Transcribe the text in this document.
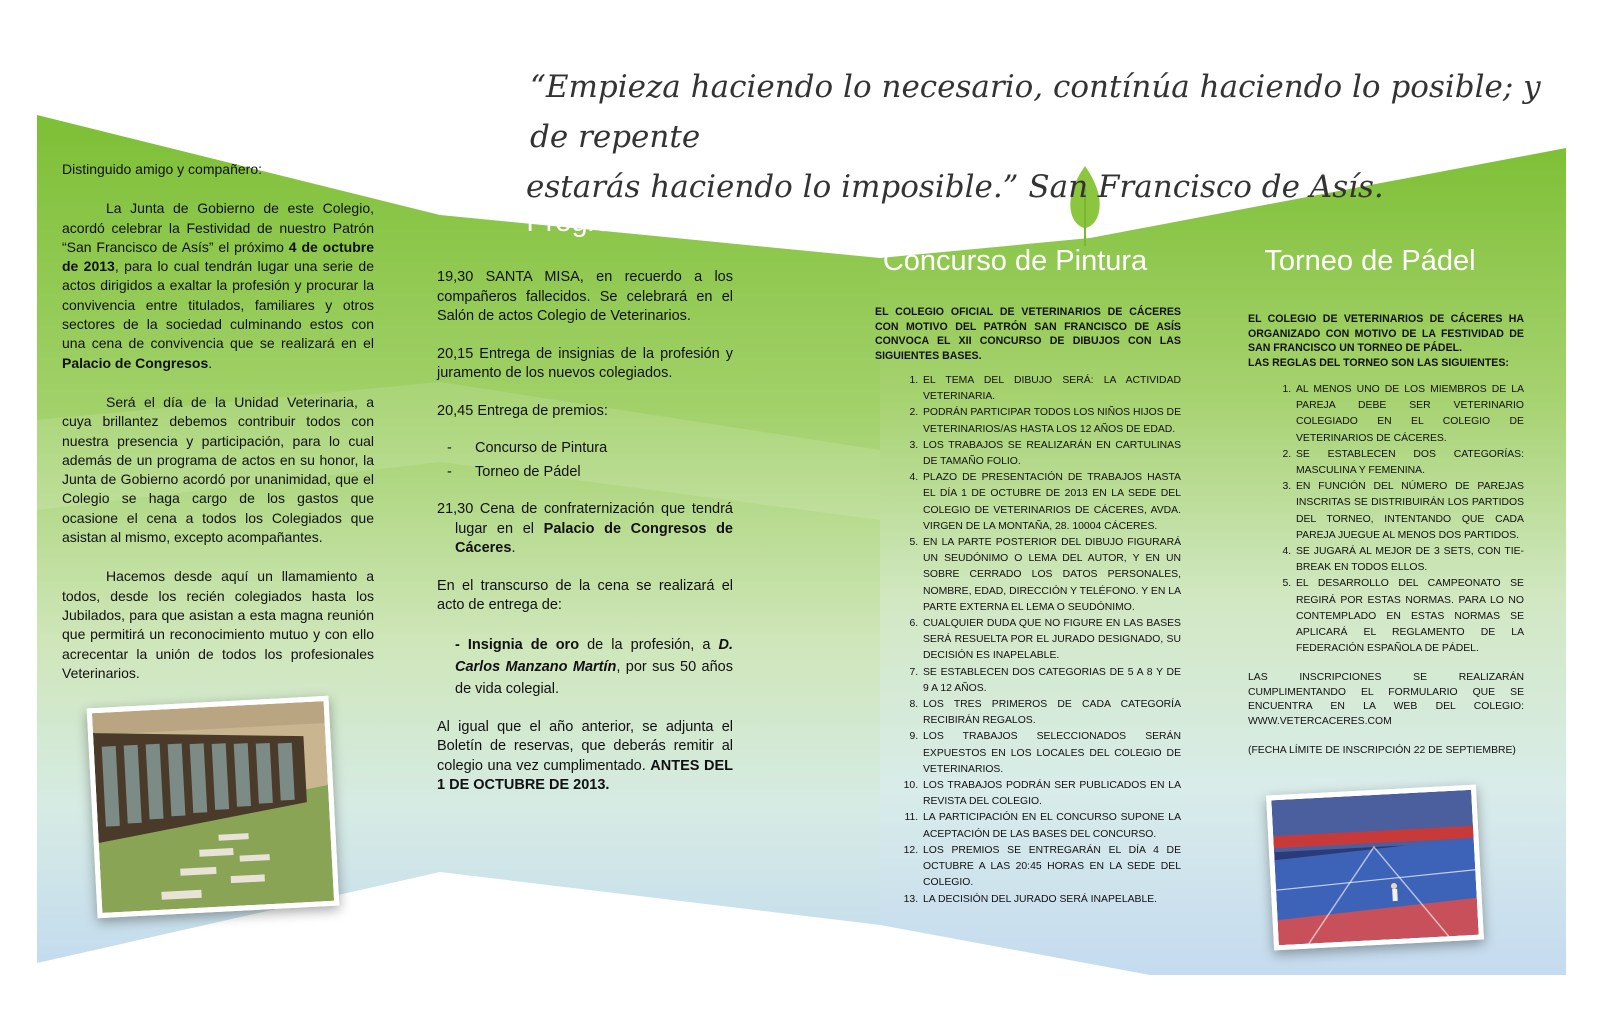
“Empieza haciendo lo necesario, contínúa haciendo lo posible; y de repente
estarás haciendo lo imposible.” San Francisco de Asís.

Distinguido amigo y compañero:

La Junta de Gobierno de este Colegio, acordó celebrar la Festividad de nuestro Patrón “San Francisco de Asís” el próximo 4 de octubre de 2013, para lo cual tendrán lugar una serie de actos dirigidos a exaltar la profesión y procurar la convivencia entre titulados, familiares y otros sectores de la sociedad culminando estos con una cena de convivencia que se realizará en el Palacio de Congresos.

Será el día de la Unidad Veterinaria, a cuya brillantez debemos contribuir todos con nuestra presencia y participación, para lo cual además de un programa de actos en su honor, la Junta de Gobierno acordó por unanimidad, que el Colegio se haga cargo de los gastos que ocasione el cena a todos los Colegiados que asistan al mismo, excepto acompañantes.

Hacemos desde aquí un llamamiento a todos, desde los recién colegiados hasta los Jubilados, para que asistan a esta magna reunión que permitirá un reconocimiento mutuo y con ello acrecentar la unión de todos los profesionales Veterinarios.

Programa

19,30 SANTA MISA, en recuerdo a los compañeros fallecidos. Se celebrará en el Salón de actos Colegio de Veterinarios.

20,15 Entrega de insignias de la profesión y juramento de los nuevos colegiados.

20,45 Entrega de premios:

-	Concurso de Pintura
-	Torneo de Pádel

21,30 Cena de confraternización que tendrá lugar en el Palacio de Congresos de Cáceres.

En el transcurso de la cena se realizará el acto de entrega de:

- Insignia de oro de la profesión, a D. Carlos Manzano Martín, por sus 50 años de vida colegial.

Al igual que el año anterior, se adjunta el Boletín de reservas, que deberás remitir al colegio una vez cumplimentado. ANTES DEL 1 DE OCTUBRE DE 2013.

Concurso de Pintura

EL COLEGIO OFICIAL DE VETERINARIOS DE CÁCERES CON MOTIVO DEL PATRÓN SAN FRANCISCO DE ASÍS CONVOCA EL XII CONCURSO DE DIBUJOS CON LAS SIGUIENTES BASES.

1. EL TEMA DEL DIBUJO SERÁ: LA ACTIVIDAD VETERINARIA.
2. PODRÁN PARTICIPAR TODOS LOS NIÑOS HIJOS DE VETERINARIOS/AS HASTA LOS 12 AÑOS DE EDAD.
3. LOS TRABAJOS SE REALIZARÁN EN CARTULINAS DE TAMAÑO FOLIO.
4. PLAZO DE PRESENTACIÓN DE TRABAJOS HASTA EL DÍA 1 DE OCTUBRE DE 2013 EN LA SEDE DEL COLEGIO DE VETERINARIOS DE CÁCERES, AVDA. VIRGEN DE LA MONTAÑA, 28. 10004 CÁCERES.
5. EN LA PARTE POSTERIOR DEL DIBUJO FIGURARÁ UN SEUDÓNIMO O LEMA DEL AUTOR, Y EN UN SOBRE CERRADO LOS DATOS PERSONALES, NOMBRE, EDAD, DIRECCIÓN Y TELÉFONO. Y EN LA PARTE EXTERNA EL LEMA O SEUDÓNIMO.
6. CUALQUIER DUDA QUE NO FIGURE EN LAS BASES SERÁ RESUELTA POR EL JURADO DESIGNADO, SU DECISIÓN ES INAPELABLE.
7. SE ESTABLECEN DOS CATEGORIAS DE 5 A 8 Y DE 9 A 12 AÑOS.
8. LOS TRES PRIMEROS DE CADA CATEGORÍA RECIBIRÁN REGALOS.
9. LOS TRABAJOS SELECCIONADOS SERÁN EXPUESTOS EN LOS LOCALES DEL COLEGIO DE VETERINARIOS.
10. LOS TRABAJOS PODRÁN SER PUBLICADOS EN LA REVISTA DEL COLEGIO.
11. LA PARTICIPACIÓN EN EL CONCURSO SUPONE LA ACEPTACIÓN DE LAS BASES DEL CONCURSO.
12. LOS PREMIOS SE ENTREGARÁN EL DÍA 4 DE OCTUBRE A LAS 20:45 HORAS EN LA SEDE DEL COLEGIO.
13. LA DECISIÓN DEL JURADO SERÁ INAPELABLE.
Torneo de Pádel

EL COLEGIO DE VETERINARIOS DE CÁCERES HA ORGANIZADO CON MOTIVO DE LA FESTIVIDAD DE SAN FRANCISCO UN TORNEO DE PÁDEL.

LAS REGLAS DEL TORNEO SON LAS SIGUIENTES:

1. AL MENOS UNO DE LOS MIEMBROS DE LA PAREJA DEBE SER VETERINARIO COLEGIADO EN EL COLEGIO DE VETERINARIOS DE CÁCERES.
2. SE ESTABLECEN DOS CATEGORÍAS: MASCULINA Y FEMENINA.
3. EN FUNCIÓN DEL NÚMERO DE PAREJAS INSCRITAS SE DISTRIBUIRÁN LOS PARTIDOS DEL TORNEO, INTENTANDO QUE CADA PAREJA JUEGUE AL MENOS DOS PARTIDOS.
4. SE JUGARÁ AL MEJOR DE 3 SETS, CON TIE-BREAK EN TODOS ELLOS.
5. EL DESARROLLO DEL CAMPEONATO SE REGIRÁ POR ESTAS NORMAS. PARA LO NO CONTEMPLADO EN ESTAS NORMAS SE APLICARÁ EL REGLAMENTO DE LA FEDERACIÓN ESPAÑOLA DE PÁDEL.

LAS INSCRIPCIONES SE REALIZARÁN CUMPLIMENTANDO EL FORMULARIO QUE SE ENCUENTRA EN LA WEB DEL COLEGIO: WWW.VETERCACERES.COM

(FECHA LÍMITE DE INSCRIPCIÓN 22 DE SEPTIEMBRE)
